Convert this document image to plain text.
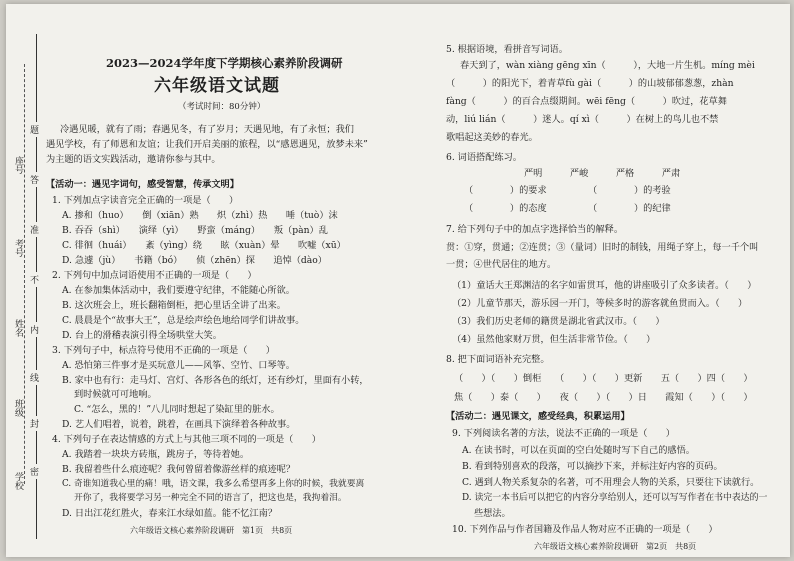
学校
班级
姓名
考号
座号
密
封
线
内
不
准
答
题
2023—2024学年度下学期核心素养阶段调研
六年级语文试题
（考试时间：80分钟）
冷遇见暖，就有了雨；春遇见冬，有了岁月；天遇见地，有了永恒；我们
遇见学校，有了师恩和友谊；让我们开启美丽的旅程，以“感恩遇见，放梦未来”
为主题的语文实践活动，邀请你参与其中。
【活动一：遇见字词句，感受智慧，传承文明】
1. 下列加点字读音完全正确的一项是（　　）
A. 掺和（huo）　　倒（xiān）熟　　炽（zhì）热　　唾（tuò）沫
B. 吞吞（shì）　　演绎（yì）　　野蛮（mánɡ）　　叛（pàn）乱
C. 徘徊（huái）　　紊（yìnɡ）绕　　眩（xuàn）晕　　吹嘘（xū）
D. 急遽（jù）　　书籍（bó）　　侦（zhēn）探　　追悼（dào）
2. 下列句中加点词语使用不正确的一项是（　　）
A. 在参加集体活动中，我们要遵守纪律，不能随心所欲。
B. 这次班会上，班长翻箱倒柜，把心里话全讲了出来。
C. 晨晨是个“故事大王”，总是绘声绘色地给同学们讲故事。
D. 台上的滑稽表演引得全场哄堂大笑。
3. 下列句子中，标点符号使用不正确的一项是（　　）
A. 恐怕第三件事才是买玩意儿——风筝、空竹、口琴等。
B. 家中也有行：走马灯、宫灯、各形各色的纸灯，还有纱灯，里面有小转，
到时候就可可地响。
C. “怎么，黑的！”八儿同时想起了染缸里的脏水。
D. 艺人们唱着，说着，跳着，在画具下演绎着各种故事。
4. 下列句子在表达情感的方式上与其他三项不同的一项是（　　）
A. 我踏着一块块方砖瓶，跳房子，等待着她。
B. 我留着些什么痕迹呢？我何曾留着像游丝样的痕迹呢？
C. 奇谁知道我心里的痛！哦，语文课，我多么希望再多上你的时候，我就要离
开你了，我将要学习另一种完全不同的语言了，把这也是，我拘着泪。
D. 日出江花红胜火，春来江水绿如蓝。能不忆江南？
六年级语文核心素养阶段调研　第1页　共8页
5. 根据语境，看拼音写词语。
春天到了，wàn xiàng gēng xīn（　　　），大地一片生机。míng mèi
（　　　）的阳光下，着青草fù gài（　　　）的山坡郁郁葱葱，zhàn
fàng（　　　）的百合点缀期间。wēi fēng（　　　）吹过，花草舞
动，liú lián（　　　）迷人。qí xì（　　　）在树上的鸟儿也不禁
歌唱起这美妙的春光。
6. 词语搭配练习。
严明　　　严峻　　　严格　　　严肃
（　　　　）的要求　　　　　（　　　　）的考验
（　　　　）的态度　　　　　（　　　　）的纪律
7. 给下列句子中的加点字选择恰当的解释。
贯：①穿，贯通；②连贯；③（量词）旧时的制钱，用绳子穿上，每一千个叫
一贯；④世代居住的地方。
（1）童话大王郑渊洁的名字如雷贯耳，他的讲座吸引了众多读者。（　　）
（2）儿童节那天，游乐园一开门，等候多时的游客就鱼贯而入。（　　）
（3）我们历史老师的籍贯是湖北省武汉市。（　　）
（4）虽然他家财万贯，但生活非常节俭。（　　）
8. 把下面词语补充完整。
（　　）（　　）倒柜　　（　　）（　　）更新　　五（　　）四（　　）
焦（　　）泰（　　）　　夜（　　）（　　）日　　霞知（　　）（　　）
【活动二：遇见课文，感受经典，积累运用】
9. 下列阅读名著的方法，说法不正确的一项是（　　）
A. 在读书时，可以在页面的空白处随时写下自己的感悟。
B. 看到特别喜欢的段落，可以摘抄下来，并标注好内容的页码。
C. 遇到人物关系复杂的名著，可不用理会人物的关系，只要往下读就行。
D. 读完一本书后可以把它的内容分享给别人，还可以写写作者在书中表达的一
些想法。
10. 下列作品与作者国籍及作品人物对应不正确的一项是（　　）
六年级语文核心素养阶段调研　第2页　共8页
